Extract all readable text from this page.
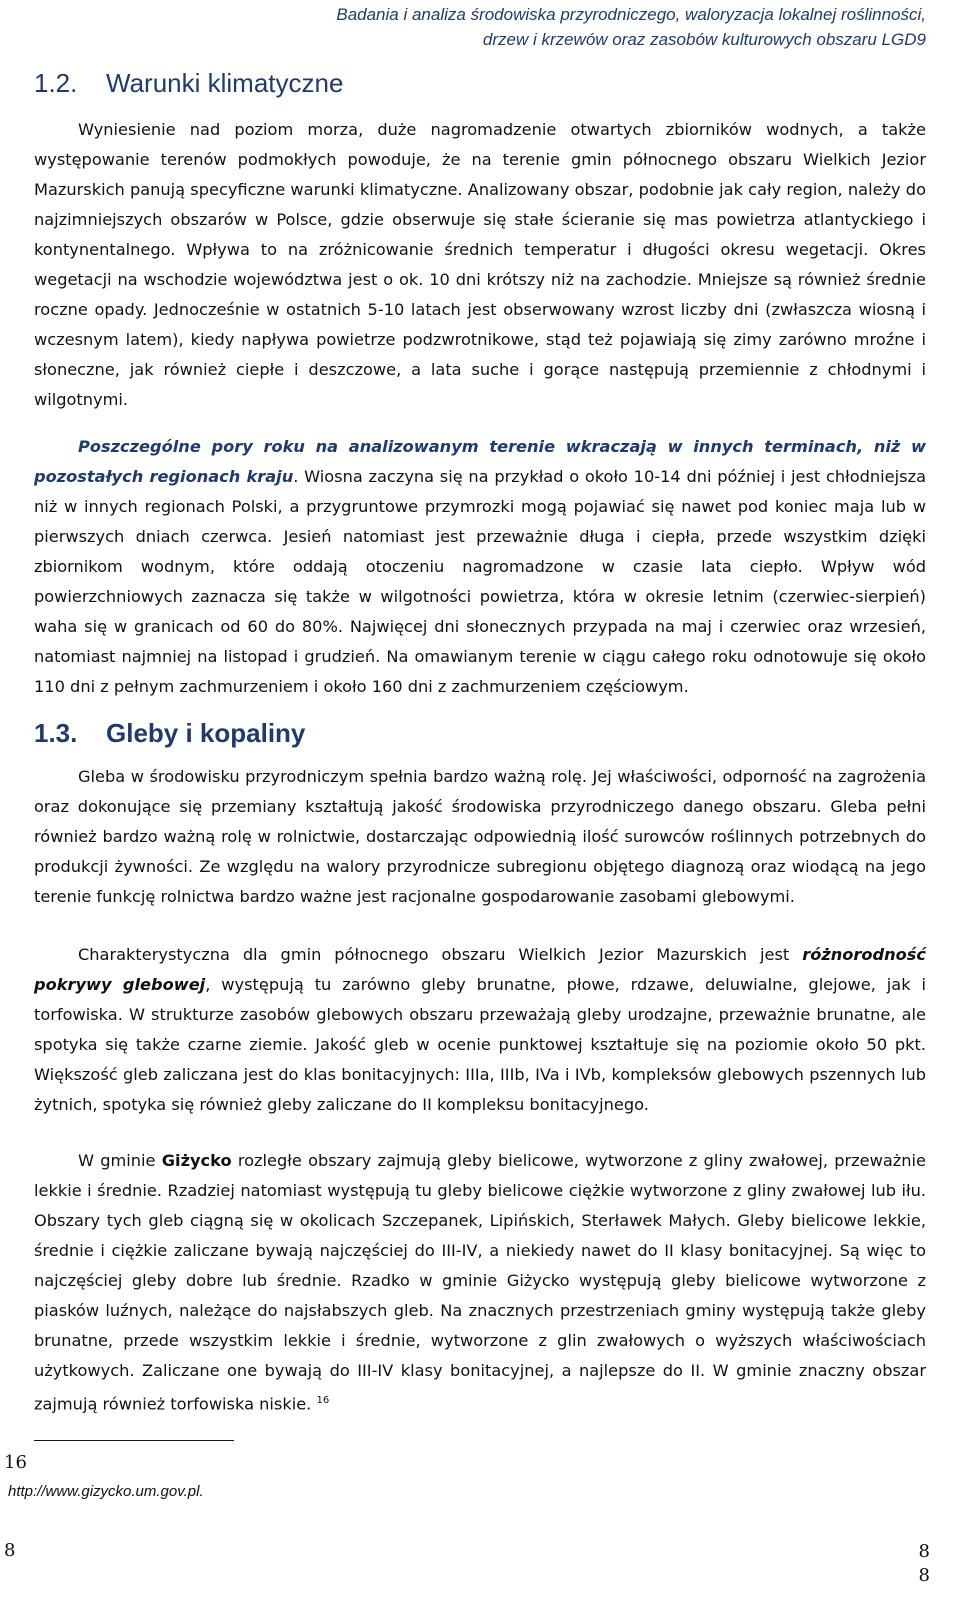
Badania i analiza środowiska przyrodniczego, waloryzacja lokalnej roślinności,
drzew i krzewów oraz zasobów kulturowych obszaru LGD9
1.2. Warunki klimatyczne

Wyniesienie nad poziom morza, duże nagromadzenie otwartych zbiorników wodnych, a także występowanie terenów podmokłych powoduje, że na terenie gmin północnego obszaru Wielkich Jezior Mazurskich panują specyficzne warunki klimatyczne. Analizowany obszar, podobnie jak cały region, należy do najzimniejszych obszarów w Polsce, gdzie obserwuje się stałe ścieranie się mas powietrza atlantyckiego i kontynentalnego. Wpływa to na zróżnicowanie średnich temperatur i długości okresu wegetacji. Okres wegetacji na wschodzie województwa jest o ok. 10 dni krótszy niż na zachodzie. Mniejsze są również średnie roczne opady. Jednocześnie w ostatnich 5-10 latach jest obserwowany wzrost liczby dni (zwłaszcza wiosną i wczesnym latem), kiedy napływa powietrze podzwrotnikowe, stąd też pojawiają się zimy zarówno mroźne i słoneczne, jak również ciepłe i deszczowe, a lata suche i gorące następują przemiennie z chłodnymi i wilgotnymi.

Poszczególne pory roku na analizowanym terenie wkraczają w innych terminach, niż w pozostałych regionach kraju. Wiosna zaczyna się na przykład o około 10-14 dni później i jest chłodniejsza niż w innych regionach Polski, a przygruntowe przymrozki mogą pojawiać się nawet pod koniec maja lub w pierwszych dniach czerwca. Jesień natomiast jest przeważnie długa i ciepła, przede wszystkim dzięki zbiornikom wodnym, które oddają otoczeniu nagromadzone w czasie lata ciepło. Wpływ wód powierzchniowych zaznacza się także w wilgotności powietrza, która w okresie letnim (czerwiec-sierpień) waha się w granicach od 60 do 80%. Najwięcej dni słonecznych przypada na maj i czerwiec oraz wrzesień, natomiast najmniej na listopad i grudzień. Na omawianym terenie w ciągu całego roku odnotowuje się około 110 dni z pełnym zachmurzeniem i około 160 dni z zachmurzeniem częściowym.

1.3. Gleby i kopaliny

Gleba w środowisku przyrodniczym spełnia bardzo ważną rolę. Jej właściwości, odporność na zagrożenia oraz dokonujące się przemiany kształtują jakość środowiska przyrodniczego danego obszaru. Gleba pełni również bardzo ważną rolę w rolnictwie, dostarczając odpowiednią ilość surowców roślinnych potrzebnych do produkcji żywności. Ze względu na walory przyrodnicze subregionu objętego diagnozą oraz wiodącą na jego terenie funkcję rolnictwa bardzo ważne jest racjonalne gospodarowanie zasobami glebowymi.

Charakterystyczna dla gmin północnego obszaru Wielkich Jezior Mazurskich jest różnorodność pokrywy glebowej, występują tu zarówno gleby brunatne, płowe, rdzawe, deluwialne, glejowe, jak i torfowiska. W strukturze zasobów glebowych obszaru przeważają gleby urodzajne, przeważnie brunatne, ale spotyka się także czarne ziemie. Jakość gleb w ocenie punktowej kształtuje się na poziomie około 50 pkt. Większość gleb zaliczana jest do klas bonitacyjnych: IIIa, IIIb, IVa i IVb, kompleksów glebowych pszennych lub żytnich, spotyka się również gleby zaliczane do II kompleksu bonitacyjnego.

W gminie Giżycko rozległe obszary zajmują gleby bielicowe, wytworzone z gliny zwałowej, przeważnie lekkie i średnie. Rzadziej natomiast występują tu gleby bielicowe ciężkie wytworzone z gliny zwałowej lub iłu. Obszary tych gleb ciągną się w okolicach Szczepanek, Lipińskich, Sterławek Małych. Gleby bielicowe lekkie, średnie i ciężkie zaliczane bywają najczęściej do III-IV, a niekiedy nawet do II klasy bonitacyjnej. Są więc to najczęściej gleby dobre lub średnie. Rzadko w gminie Giżycko występują gleby bielicowe wytworzone z piasków luźnych, należące do najsłabszych gleb. Na znacznych przestrzeniach gminy występują także gleby brunatne, przede wszystkim lekkie i średnie, wytworzone z glin zwałowych o wyższych właściwościach użytkowych. Zaliczane one bywają do III-IV klasy bonitacyjnej, a najlepsze do II. W gminie znaczny obszar zajmują również torfowiska niskie. $^{16}$

16
http://www.gizycko.um.gov.pl.
8	8
8
